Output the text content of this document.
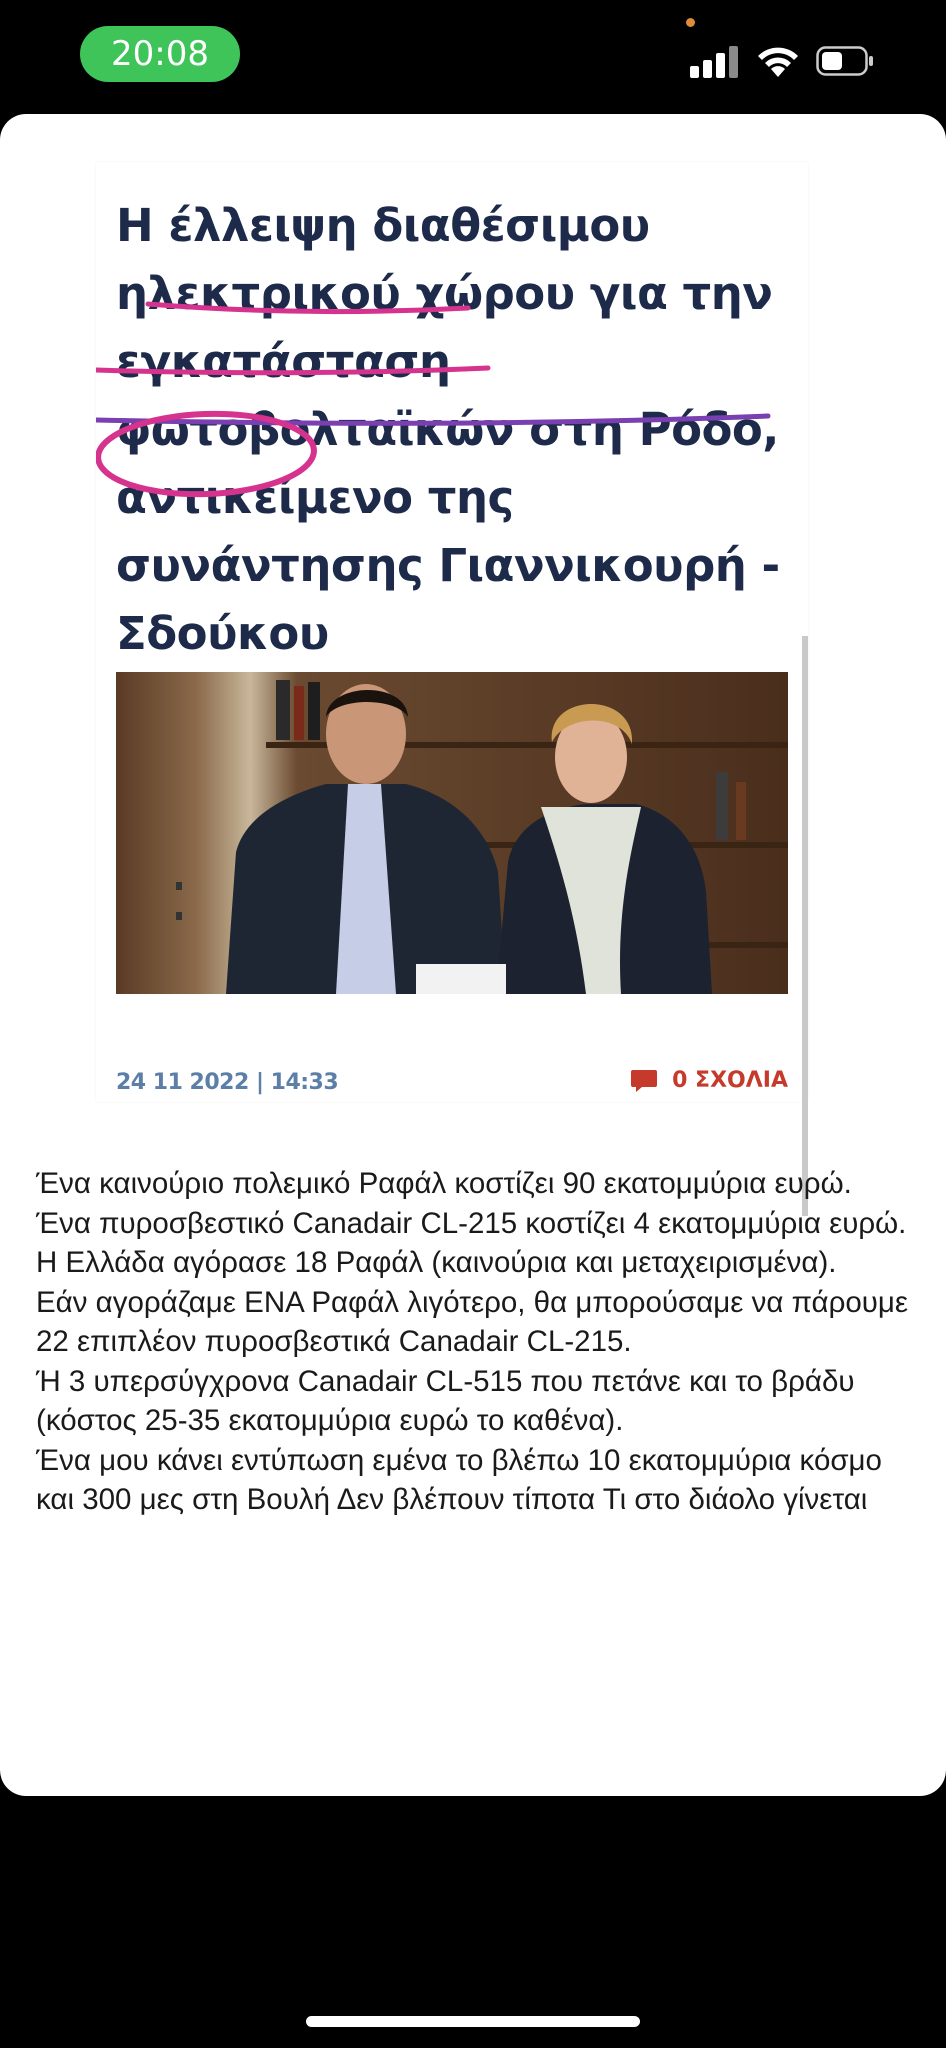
20:08
Η έλλειψη διαθέσιμου ηλεκτρικού χώρου για την εγκατάσταση φωτοβολταϊκών στη Ρόδο, αντικείμενο της συνάντησης Γιαννικουρή - Σδούκου
24 11 2022 | 14:33	0 ΣΧΟΛΙΑ

Ένα καινούριο πολεμικό Ραφάλ κοστίζει 90 εκατομμύρια ευρώ.

Ένα πυροσβεστικό Canadair CL-215 κοστίζει 4 εκατομμύρια ευρώ.

Η Ελλάδα αγόρασε 18 Ραφάλ (καινούρια και μεταχειρισμένα).

Εάν αγοράζαμε ΕΝΑ Ραφάλ λιγότερο, θα μπορούσαμε να πάρουμε 22 επιπλέον πυροσβεστικά Canadair CL-215.

Ή 3 υπερσύγχρονα Canadair CL-515 που πετάνε και το βράδυ (κόστος 25-35 εκατομμύρια ευρώ το καθένα).

Ένα μου κάνει εντύπωση εμένα το βλέπω 10 εκατομμύρια κόσμο και 300 μες στη Βουλή Δεν βλέπουν τίποτα Τι στο διάολο γίνεται
